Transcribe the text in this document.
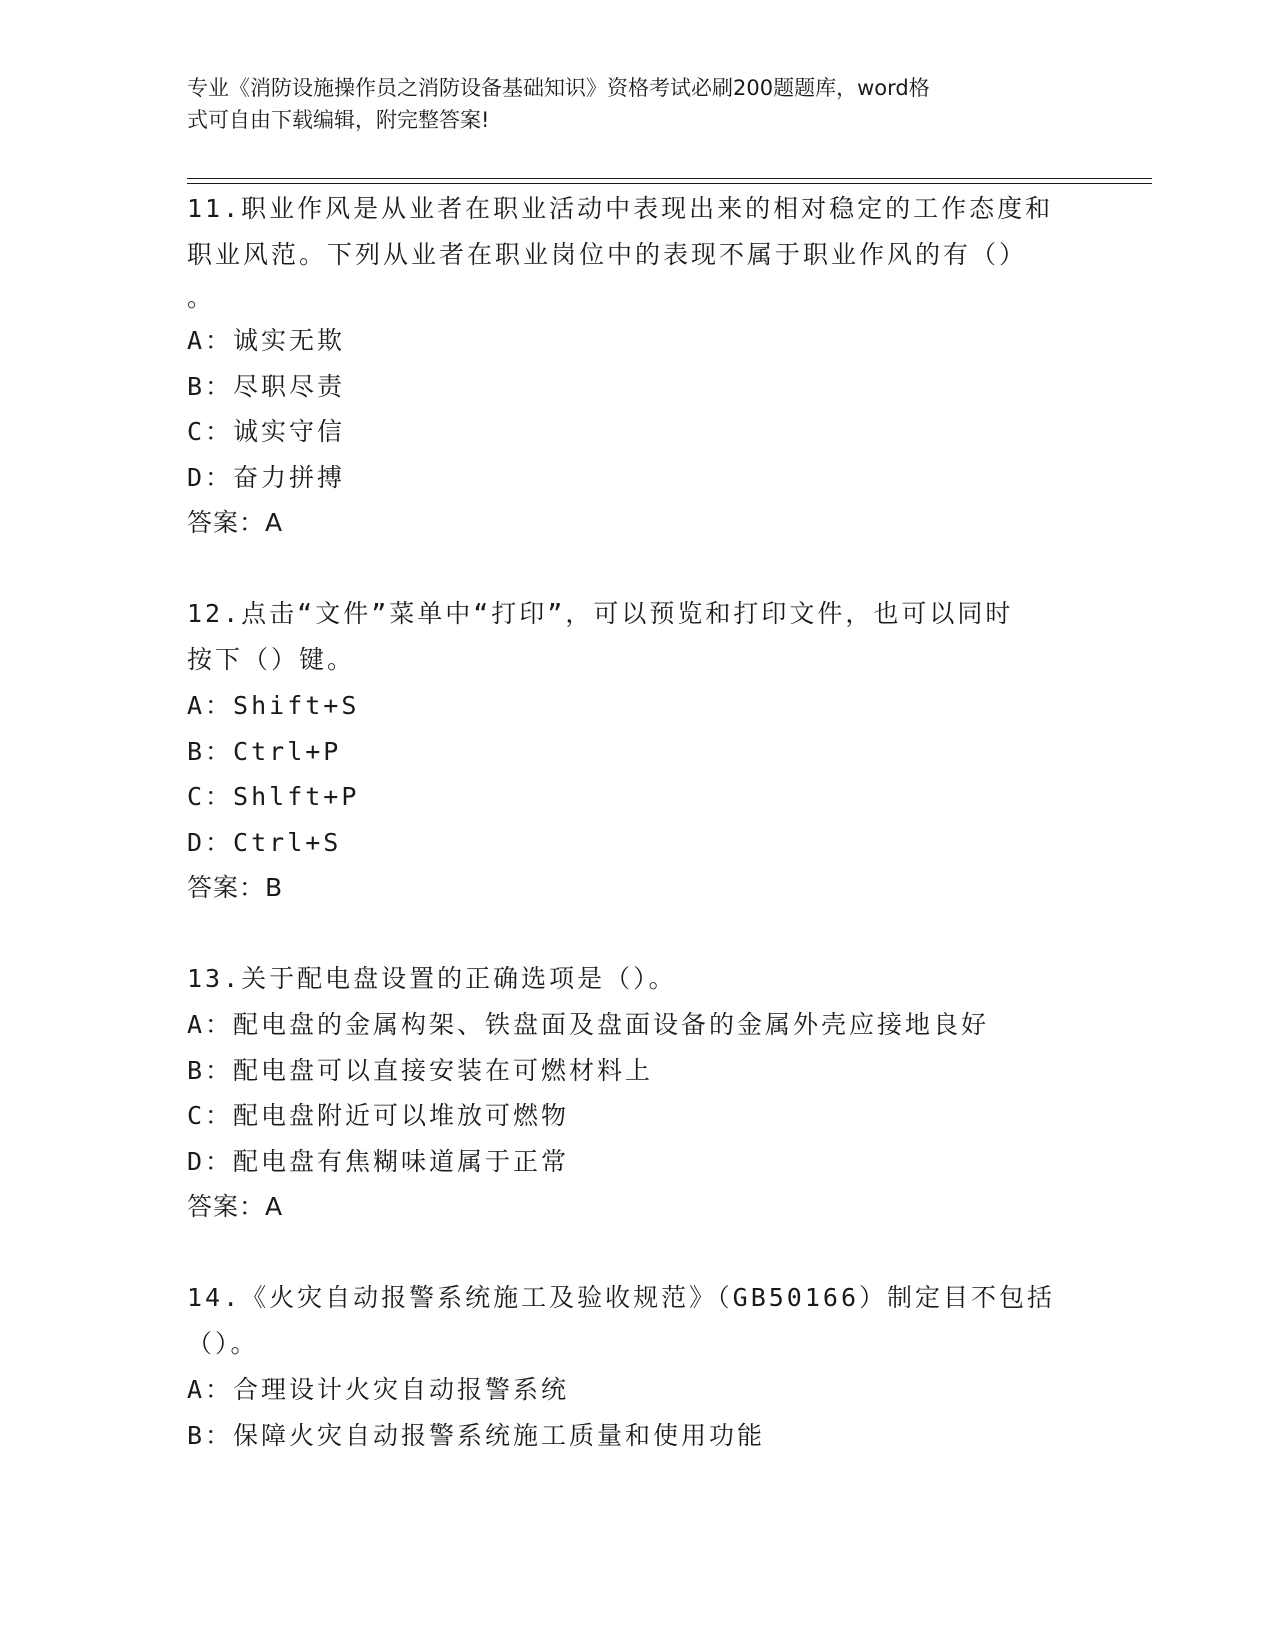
专业《消防设施操作员之消防设备基础知识》资格考试必刷200题题库，word格
式可自由下载编辑，附完整答案!
11.职业作风是从业者在职业活动中表现出来的相对稳定的工作态度和
职业风范。下列从业者在职业岗位中的表现不属于职业作风的有（）
。
A：诚实无欺
B：尽职尽责
C：诚实守信
D：奋力拼搏
答案：A
12.点击“文件”菜单中“打印”，可以预览和打印文件，也可以同时
按下（）键。
A：Shift+S
B：Ctrl+P
C：Shlft+P
D：Ctrl+S
答案：B
13.关于配电盘设置的正确选项是（）。
A：配电盘的金属构架、铁盘面及盘面设备的金属外壳应接地良好
B：配电盘可以直接安装在可燃材料上
C：配电盘附近可以堆放可燃物
D：配电盘有焦糊味道属于正常
答案：A
14.《火灾自动报警系统施工及验收规范》（GB50166）制定目不包括
（）。
A：合理设计火灾自动报警系统
B：保障火灾自动报警系统施工质量和使用功能
